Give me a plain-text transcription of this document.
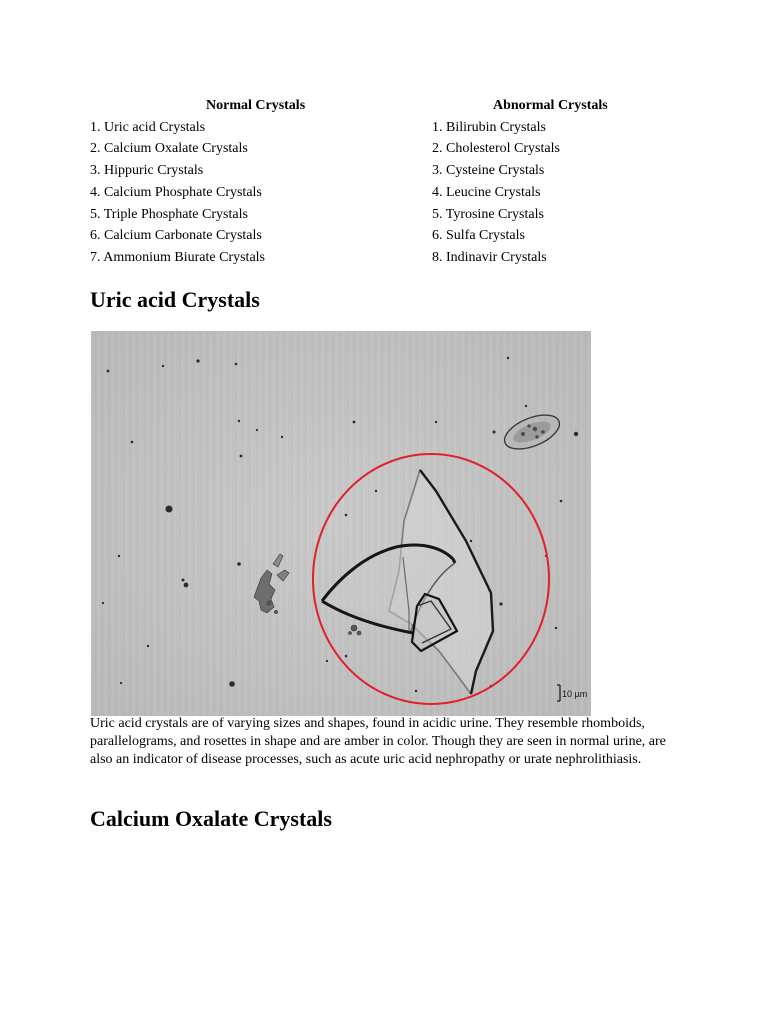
Normal Crystals

1. Uric acid Crystals
2. Calcium Oxalate Crystals
3. Hippuric Crystals
4. Calcium Phosphate Crystals
5. Triple Phosphate Crystals
6. Calcium Carbonate Crystals
7. Ammonium Biurate Crystals

Abnormal Crystals

1. Bilirubin Crystals
2. Cholesterol Crystals
3. Cysteine Crystals
4. Leucine Crystals
5. Tyrosine Crystals
6. Sulfa Crystals
8. Indinavir Crystals
Uric acid Crystals
10 µm

Uric acid crystals are of varying sizes and shapes, found in acidic urine. They resemble rhomboids, parallelograms, and rosettes in shape and are amber in color. Though they are seen in normal urine, are also an indicator of disease processes, such as acute uric acid nephropathy or urate nephrolithiasis.

Calcium Oxalate Crystals
